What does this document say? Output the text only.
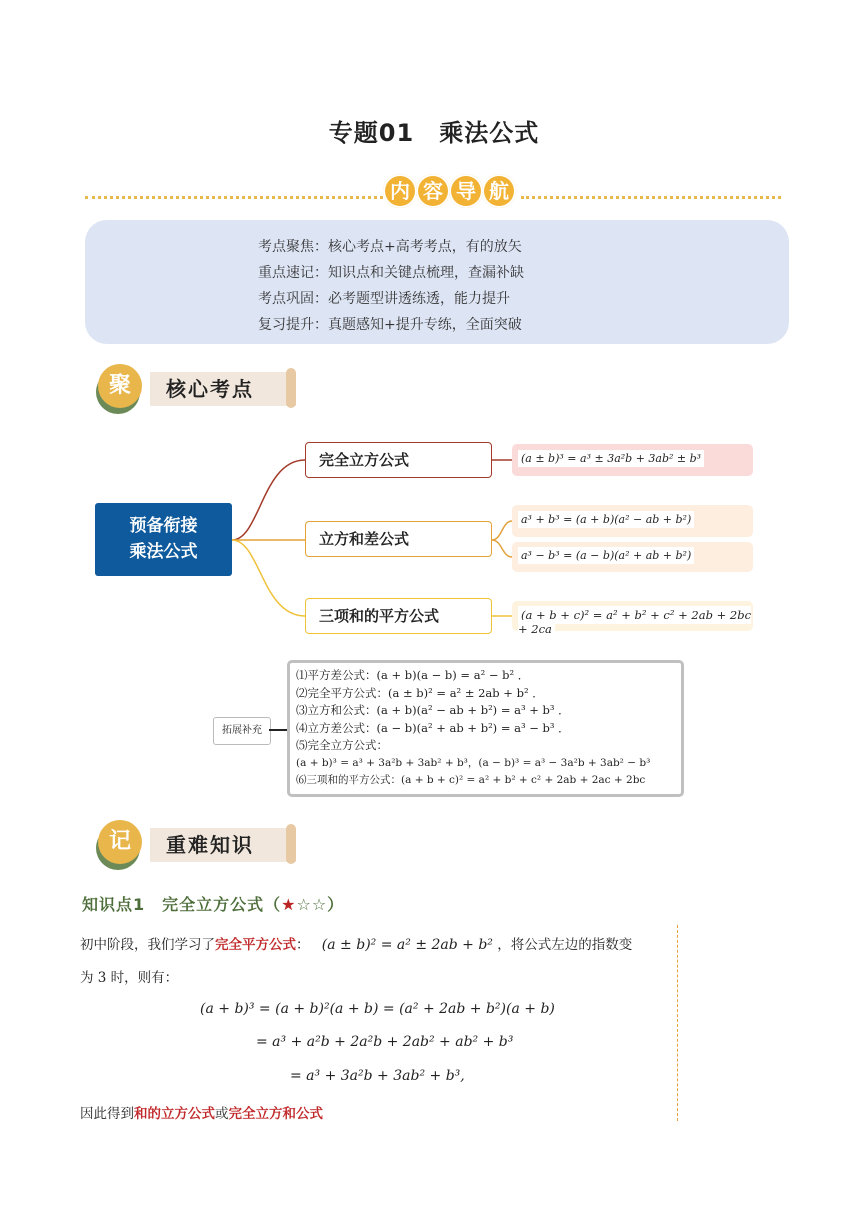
专题01　乘法公式
内 容 导 航
考点聚焦：核心考点+高考考点，有的放矢
重点速记：知识点和关键点梳理，查漏补缺
考点巩固：必考题型讲透练透，能力提升
复习提升：真题感知+提升专练，全面突破
核心考点
聚
预备衔接
乘法公式
完全立方公式
立方和差公式
三项和的平方公式
(a ± b)³ = a³ ± 3a²b + 3ab² ± b³
a³ + b³ = (a + b)(a² − ab + b²)
a³ − b³ = (a − b)(a² + ab + b²)
(a + b + c)² = a² + b² + c² + 2ab + 2bc + 2ca
拓展补充
⑴平方差公式：(a + b)(a − b) = a² − b² ．
⑵完全平方公式：(a ± b)² = a² ± 2ab + b² ．
⑶立方和公式：(a + b)(a² − ab + b²) = a³ + b³ ．
⑷立方差公式：(a − b)(a² + ab + b²) = a³ − b³ ．
⑸完全立方公式：
(a + b)³ = a³ + 3a²b + 3ab² + b³，(a − b)³ = a³ − 3a²b + 3ab² − b³
⑹三项和的平方公式：(a + b + c)² = a² + b² + c² + 2ab + 2ac + 2bc
重难知识
记
知识点1　完全立方公式（★☆☆）
初中阶段，我们学习了完全平方公式： (a ± b)² = a² ± 2ab + b² ，将公式左边的指数变
为 3 时，则有：
(a + b)³ = (a + b)²(a + b) = (a² + 2ab + b²)(a + b)
= a³ + a²b + 2a²b + 2ab² + ab² + b³
= a³ + 3a²b + 3ab² + b³,
因此得到和的立方公式或完全立方和公式
